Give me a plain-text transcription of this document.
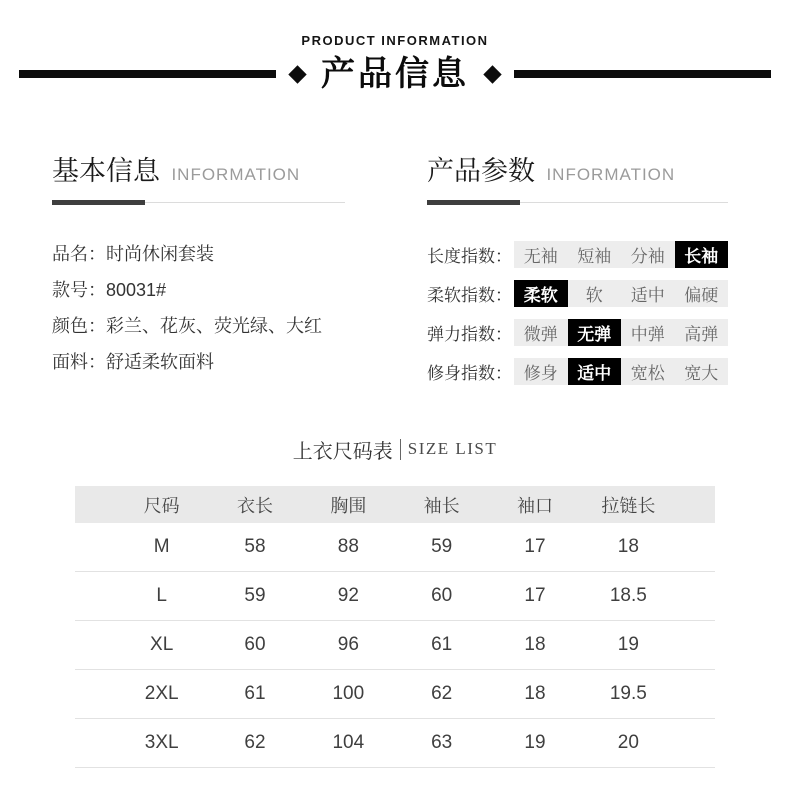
PRODUCT INFORMATION
产品信息
基本信息 INFORMATION
品名：时尚休闲套装
款号：80031#
颜色：彩兰、花灰、荧光绿、大红
面料：舒适柔软面料
产品参数 INFORMATION
长度指数： 无袖	短袖	分袖	长袖
柔软指数： 柔软	软	适中	偏硬
弹力指数： 微弹	无弹	中弹	高弹
修身指数： 修身	适中	宽松	宽大
上衣尺码表 SIZE LIST
尺码	衣长	胸围	袖长	袖口	拉链长
M	58	88	59	17	18
L	59	92	60	17	18.5
XL	60	96	61	18	19
2XL	61	100	62	18	19.5
3XL	62	104	63	19	20
